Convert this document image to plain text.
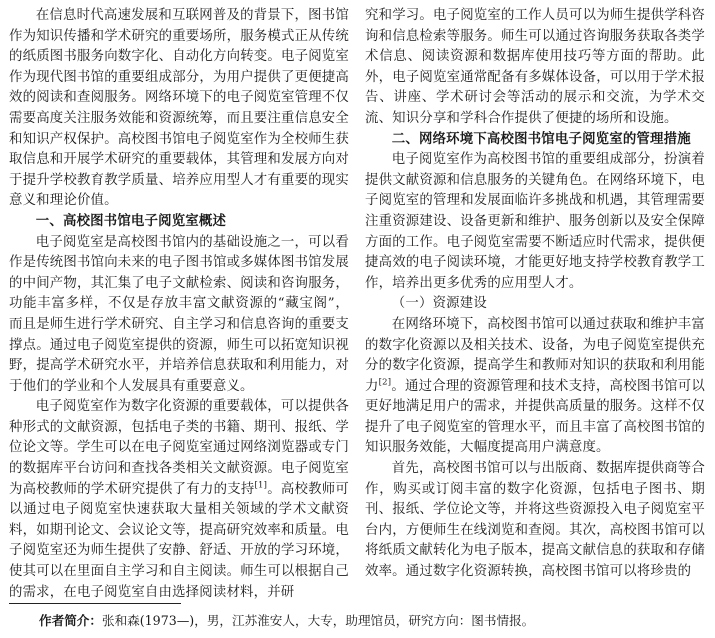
在信息时代高速发展和互联网普及的背景下，图书馆作为知识传播和学术研究的重要场所，服务模式正从传统的纸质图书服务向数字化、自动化方向转变。电子阅览室作为现代图书馆的重要组成部分，为用户提供了更便捷高效的阅读和查阅服务。网络环境下的电子阅览室管理不仅需要高度关注服务效能和资源统筹，而且要注重信息安全和知识产权保护。高校图书馆电子阅览室作为全校师生获取信息和开展学术研究的重要载体，其管理和发展方向对于提升学校教育教学质量、培养应用型人才有重要的现实意义和理论价值。

一、高校图书馆电子阅览室概述

电子阅览室是高校图书馆内的基础设施之一，可以看作是传统图书馆向未来的电子图书馆或多媒体图书馆发展的中间产物，其汇集了电子文献检索、阅读和咨询服务，功能丰富多样，不仅是存放丰富文献资源的“藏宝阁”，而且是师生进行学术研究、自主学习和信息咨询的重要支撑点。通过电子阅览室提供的资源，师生可以拓宽知识视野，提高学术研究水平，并培养信息获取和利用能力，对于他们的学业和个人发展具有重要意义。

电子阅览室作为数字化资源的重要载体，可以提供各种形式的文献资源，包括电子类的书籍、期刊、报纸、学位论文等。学生可以在电子阅览室通过网络浏览器或专门的数据库平台访问和查找各类相关文献资源。电子阅览室为高校教师的学术研究提供了有力的支持[1]。高校教师可以通过电子阅览室快速获取大量相关领域的学术文献资料，如期刊论文、会议论文等，提高研究效率和质量。电子阅览室还为师生提供了安静、舒适、开放的学习环境，使其可以在里面自主学习和自主阅读。师生可以根据自己的需求，在电子阅览室自由选择阅读材料，并研

究和学习。电子阅览室的工作人员可以为师生提供学科咨询和信息检索等服务。师生可以通过咨询服务获取各类学术信息、阅读资源和数据库使用技巧等方面的帮助。此外，电子阅览室通常配备有多媒体设备，可以用于学术报告、讲座、学术研讨会等活动的展示和交流，为学术交流、知识分享和学科合作提供了便捷的场所和设施。

二、网络环境下高校图书馆电子阅览室的管理措施

电子阅览室作为高校图书馆的重要组成部分，扮演着提供文献资源和信息服务的关键角色。在网络环境下，电子阅览室的管理和发展面临许多挑战和机遇，其管理需要注重资源建设、设备更新和维护、服务创新以及安全保障方面的工作。电子阅览室需要不断适应时代需求，提供便捷高效的电子阅读环境，才能更好地支持学校教育教学工作，培养出更多优秀的应用型人才。

（一）资源建设

在网络环境下，高校图书馆可以通过获取和维护丰富的数字化资源以及相关技术、设备，为电子阅览室提供充分的数字化资源，提高学生和教师对知识的获取和利用能力[2]。通过合理的资源管理和技术支持，高校图书馆可以更好地满足用户的需求，并提供高质量的服务。这样不仅提升了电子阅览室的管理水平，而且丰富了高校图书馆的知识服务效能，大幅度提高用户满意度。

首先，高校图书馆可以与出版商、数据库提供商等合作，购买或订阅丰富的数字化资源，包括电子图书、期刊、报纸、学位论文等，并将这些资源投入电子阅览室平台内，方便师生在线浏览和查阅。其次，高校图书馆可以将纸质文献转化为电子版本，提高文献信息的获取和存储效率。通过数字化资源转换，高校图书馆可以将珍贵的

作者简介：张和森(1973—)，男，江苏淮安人，大专，助理馆员，研究方向：图书情报。
